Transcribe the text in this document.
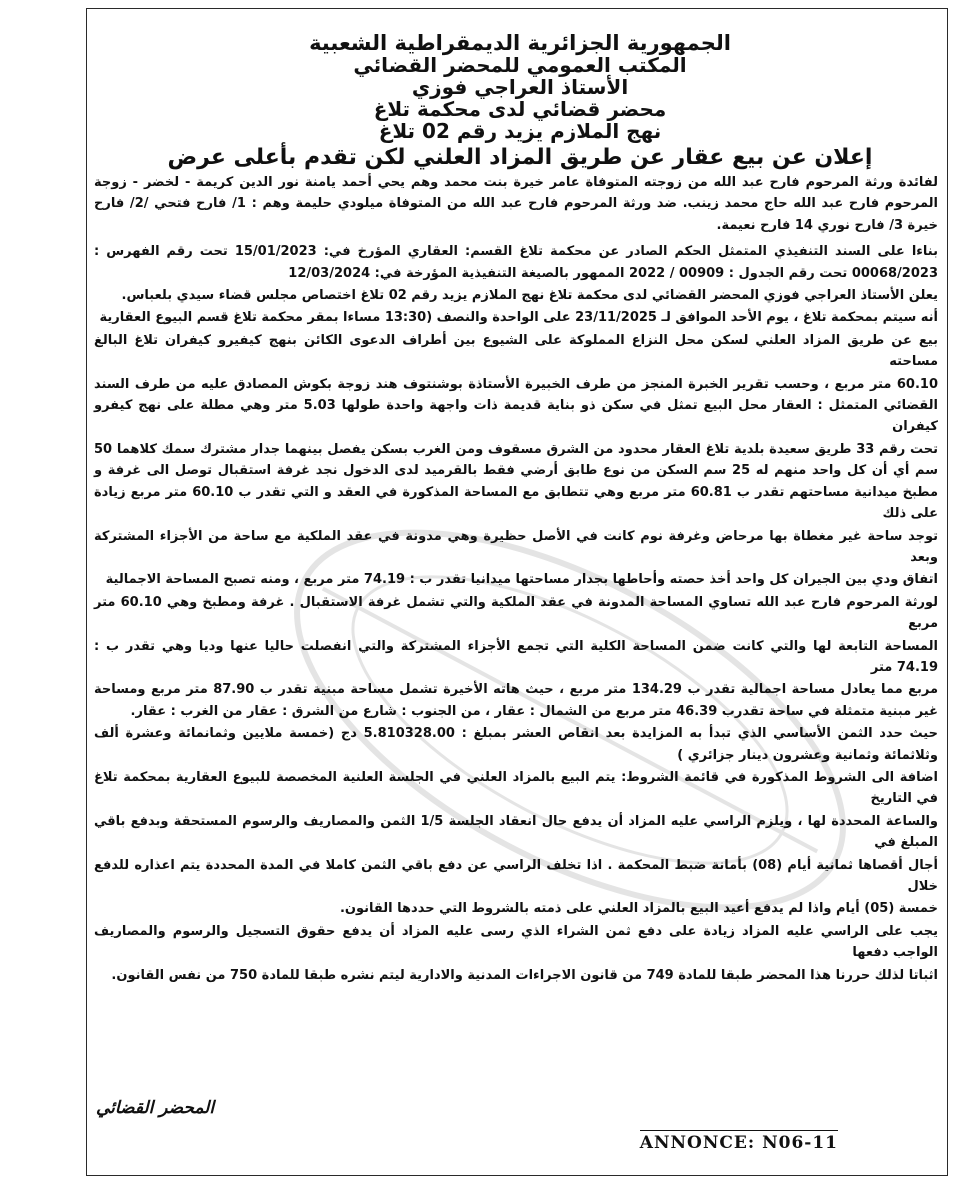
الجمهورية الجزائرية الديمقراطية الشعبية

المكتب العمومي للمحضر القضائي

الأستاذ العراجي فوزي

محضر قضائي لدى محكمة تلاغ

نهج الملازم يزيد رقم 02 تلاغ

إعلان عن بيع عقار عن طريق المزاد العلني لكن تقدم بأعلى عرض

لفائدة ورثة المرحوم فارح عبد الله من زوجته المتوفاة عامر خيرة بنت محمد وهم يحي أحمد يامنة نور الدين كريمة - لخضر - زوجة المرحوم فارح عبد الله حاج محمد زينب. ضد ورثة المرحوم فارح عبد الله من المتوفاة ميلودي حليمة وهم : 1/ فارح فتحي /2/ فارح خيرة 3/ فارح نوري 14 فارح نعيمة.

بناءا على السند التنفيذي المتمثل الحكم الصادر عن محكمة تلاغ القسم: العقاري المؤرخ في: 15/01/2023 تحت رقم الفهرس : 00068/2023 تحت رقم الجدول : 00909 / 2022 الممهور بالصيغة التنفيذية المؤرخة في: 12/03/2024

يعلن الأستاذ العراجي فوزي المحضر القضائي لدى محكمة تلاغ نهج الملازم يزيد رقم 02 تلاغ اختصاص مجلس قضاء سيدي بلعباس.

أنه سيتم بمحكمة تلاغ ، يوم الأحد الموافق لـ 23/11/2025 على الواحدة والنصف (13:30 مساءا بمقر محكمة تلاغ قسم البيوع العقارية

بيع عن طريق المزاد العلني لسكن محل النزاع المملوكة على الشيوع بين أطراف الدعوى الكائن بنهج كيفيرو كيفران تلاغ البالغ مساحته

60.10 متر مربع ، وحسب تقرير الخبرة المنجز من طرف الخبيرة الأستاذة بوشنتوف هند زوجة بكوش المصادق عليه من طرف السند القضائي المتمثل : العقار محل البيع تمثل في سكن ذو بناية قديمة ذات واجهة واحدة طولها 5.03 متر وهي مطلة على نهج كيفرو كيفران

تحت رقم 33 طريق سعيدة بلدية تلاغ العقار محدود من الشرق مسقوف ومن الغرب بسكن يفصل بينهما جدار مشترك سمك كلاهما 50 سم أي أن كل واحد منهم له 25 سم السكن من نوع طابق أرضي فقط بالقرميد لدى الدخول نجد غرفة استقبال توصل الى غرفة و مطبخ ميدانية مساحتهم تقدر ب 60.81 متر مربع وهي تتطابق مع المساحة المذكورة في العقد و التي تقدر ب 60.10 متر مربع زيادة على ذلك

توجد ساحة غير مغطاة بها مرحاض وغرفة نوم كانت في الأصل حظيرة وهي مدونة في عقد الملكية مع ساحة من الأجزاء المشتركة وبعد

اتفاق ودي بين الجيران كل واحد أخذ حصته وأحاطها بجدار مساحتها ميدانيا تقدر ب : 74.19 متر مربع ، ومنه تصبح المساحة الاجمالية

لورثة المرحوم فارح عبد الله تساوي المساحة المدونة في عقد الملكية والتي تشمل غرفة الاستقبال . غرفة ومطبخ وهي 60.10 متر مربع

المساحة التابعة لها والتي كانت ضمن المساحة الكلية التي تجمع الأجزاء المشتركة والتي انفصلت حاليا عنها وديا وهي تقدر ب : 74.19 متر

مربع مما يعادل مساحة اجمالية تقدر ب 134.29 متر مربع ، حيث هاته الأخيرة تشمل مساحة مبنية تقدر ب 87.90 متر مربع ومساحة غير مبنية متمثلة في ساحة تقدرب 46.39 متر مربع من الشمال : عقار ، من الجنوب : شارع من الشرق : عقار من الغرب : عقار.

حيث حدد الثمن الأساسي الذي تبدأ به المزايدة بعد انقاص العشر بمبلغ : 5.810328.00 دج (خمسة ملايين وثمانمائة وعشرة ألف وثلاثمائة وثمانية وعشرون دينار جزائري )

اضافة الى الشروط المذكورة في قائمة الشروط: يتم البيع بالمزاد العلني في الجلسة العلنية المخصصة للبيوع العقارية بمحكمة تلاغ في التاريخ

والساعة المحددة لها ، ويلزم الراسي عليه المزاد أن يدفع حال انعقاد الجلسة 1/5 الثمن والمصاريف والرسوم المستحقة وبدفع باقي المبلغ في

أجال أقصاها ثمانية أيام (08) بأمانة ضبط المحكمة . اذا تخلف الراسي عن دفع باقي الثمن كاملا في المدة المحددة يتم اعذاره للدفع خلال

خمسة (05) أيام واذا لم يدفع أعيد البيع بالمزاد العلني على ذمته بالشروط التي حددها القانون.

يجب على الراسي عليه المزاد زيادة على دفع ثمن الشراء الذي رسى عليه المزاد أن يدفع حقوق التسجيل والرسوم والمصاريف الواجب دفعها

اثباتا لذلك حررنا هذا المحضر طبقا للمادة 749 من قانون الاجراءات المدنية والادارية ليتم نشره طبقا للمادة 750 من نفس القانون.

المحضر القضائي
ANNONCE: N06-11
